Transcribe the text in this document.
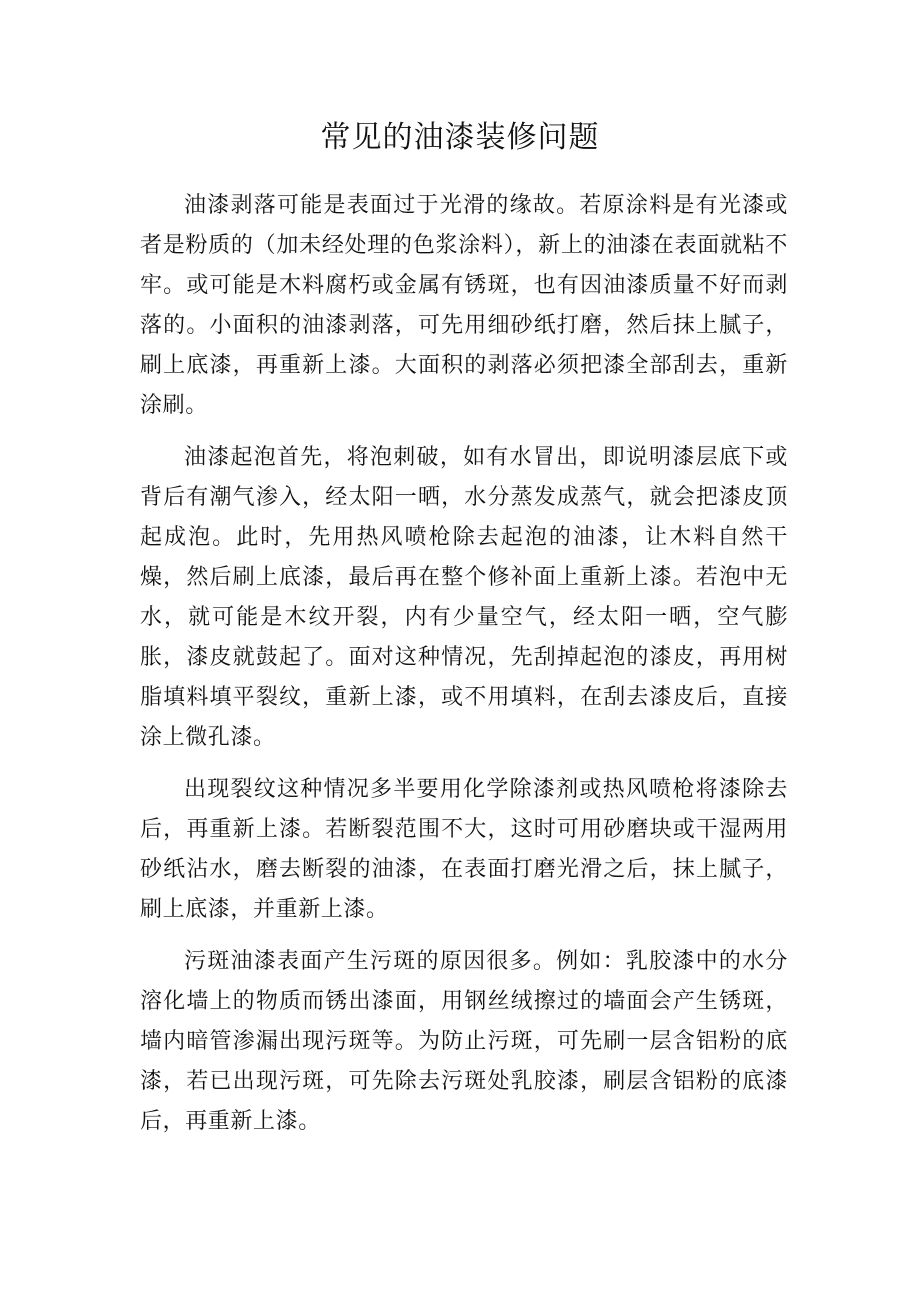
常见的油漆装修问题

油漆剥落可能是表面过于光滑的缘故。若原涂料是有光漆或者是粉质的（加未经处理的色浆涂料），新上的油漆在表面就粘不牢。或可能是木料腐朽或金属有锈斑，也有因油漆质量不好而剥落的。小面积的油漆剥落，可先用细砂纸打磨，然后抹上腻子，刷上底漆，再重新上漆。大面积的剥落必须把漆全部刮去，重新涂刷。

油漆起泡首先，将泡刺破，如有水冒出，即说明漆层底下或背后有潮气渗入，经太阳一晒，水分蒸发成蒸气，就会把漆皮顶起成泡。此时，先用热风喷枪除去起泡的油漆，让木料自然干燥，然后刷上底漆，最后再在整个修补面上重新上漆。若泡中无水，就可能是木纹开裂，内有少量空气，经太阳一晒，空气膨胀，漆皮就鼓起了。面对这种情况，先刮掉起泡的漆皮，再用树脂填料填平裂纹，重新上漆，或不用填料，在刮去漆皮后，直接涂上微孔漆。

出现裂纹这种情况多半要用化学除漆剂或热风喷枪将漆除去后，再重新上漆。若断裂范围不大，这时可用砂磨块或干湿两用砂纸沾水，磨去断裂的油漆，在表面打磨光滑之后，抹上腻子，刷上底漆，并重新上漆。

污斑油漆表面产生污斑的原因很多。例如：乳胶漆中的水分溶化墙上的物质而锈出漆面，用钢丝绒擦过的墙面会产生锈斑，墙内暗管渗漏出现污斑等。为防止污斑，可先刷一层含铝粉的底漆，若已出现污斑，可先除去污斑处乳胶漆，刷层含铝粉的底漆后，再重新上漆。
